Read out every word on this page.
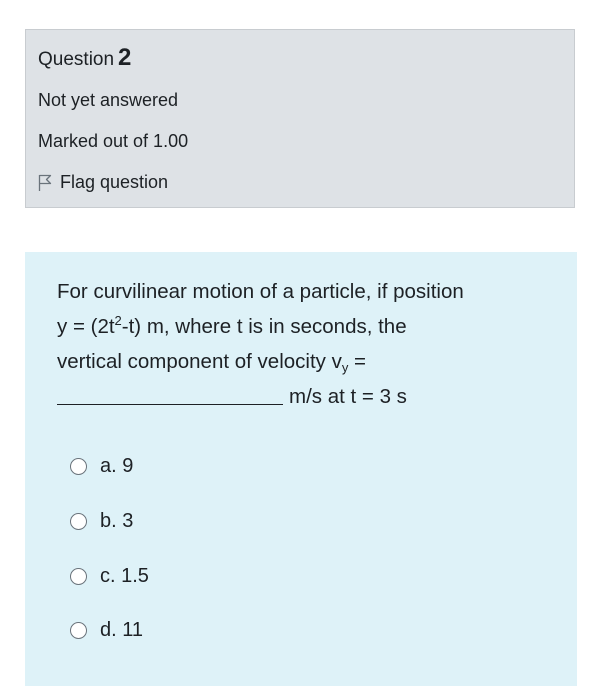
Question 2
Not yet answered
Marked out of 1.00
Flag question
For curvilinear motion of a particle, if position
$y = (2t^2-t)$ m, where t is in seconds, the
vertical component of velocity $v_y$ =
m/s at t = 3 s
a. 9
b. 3
c. 1.5
d. 11
